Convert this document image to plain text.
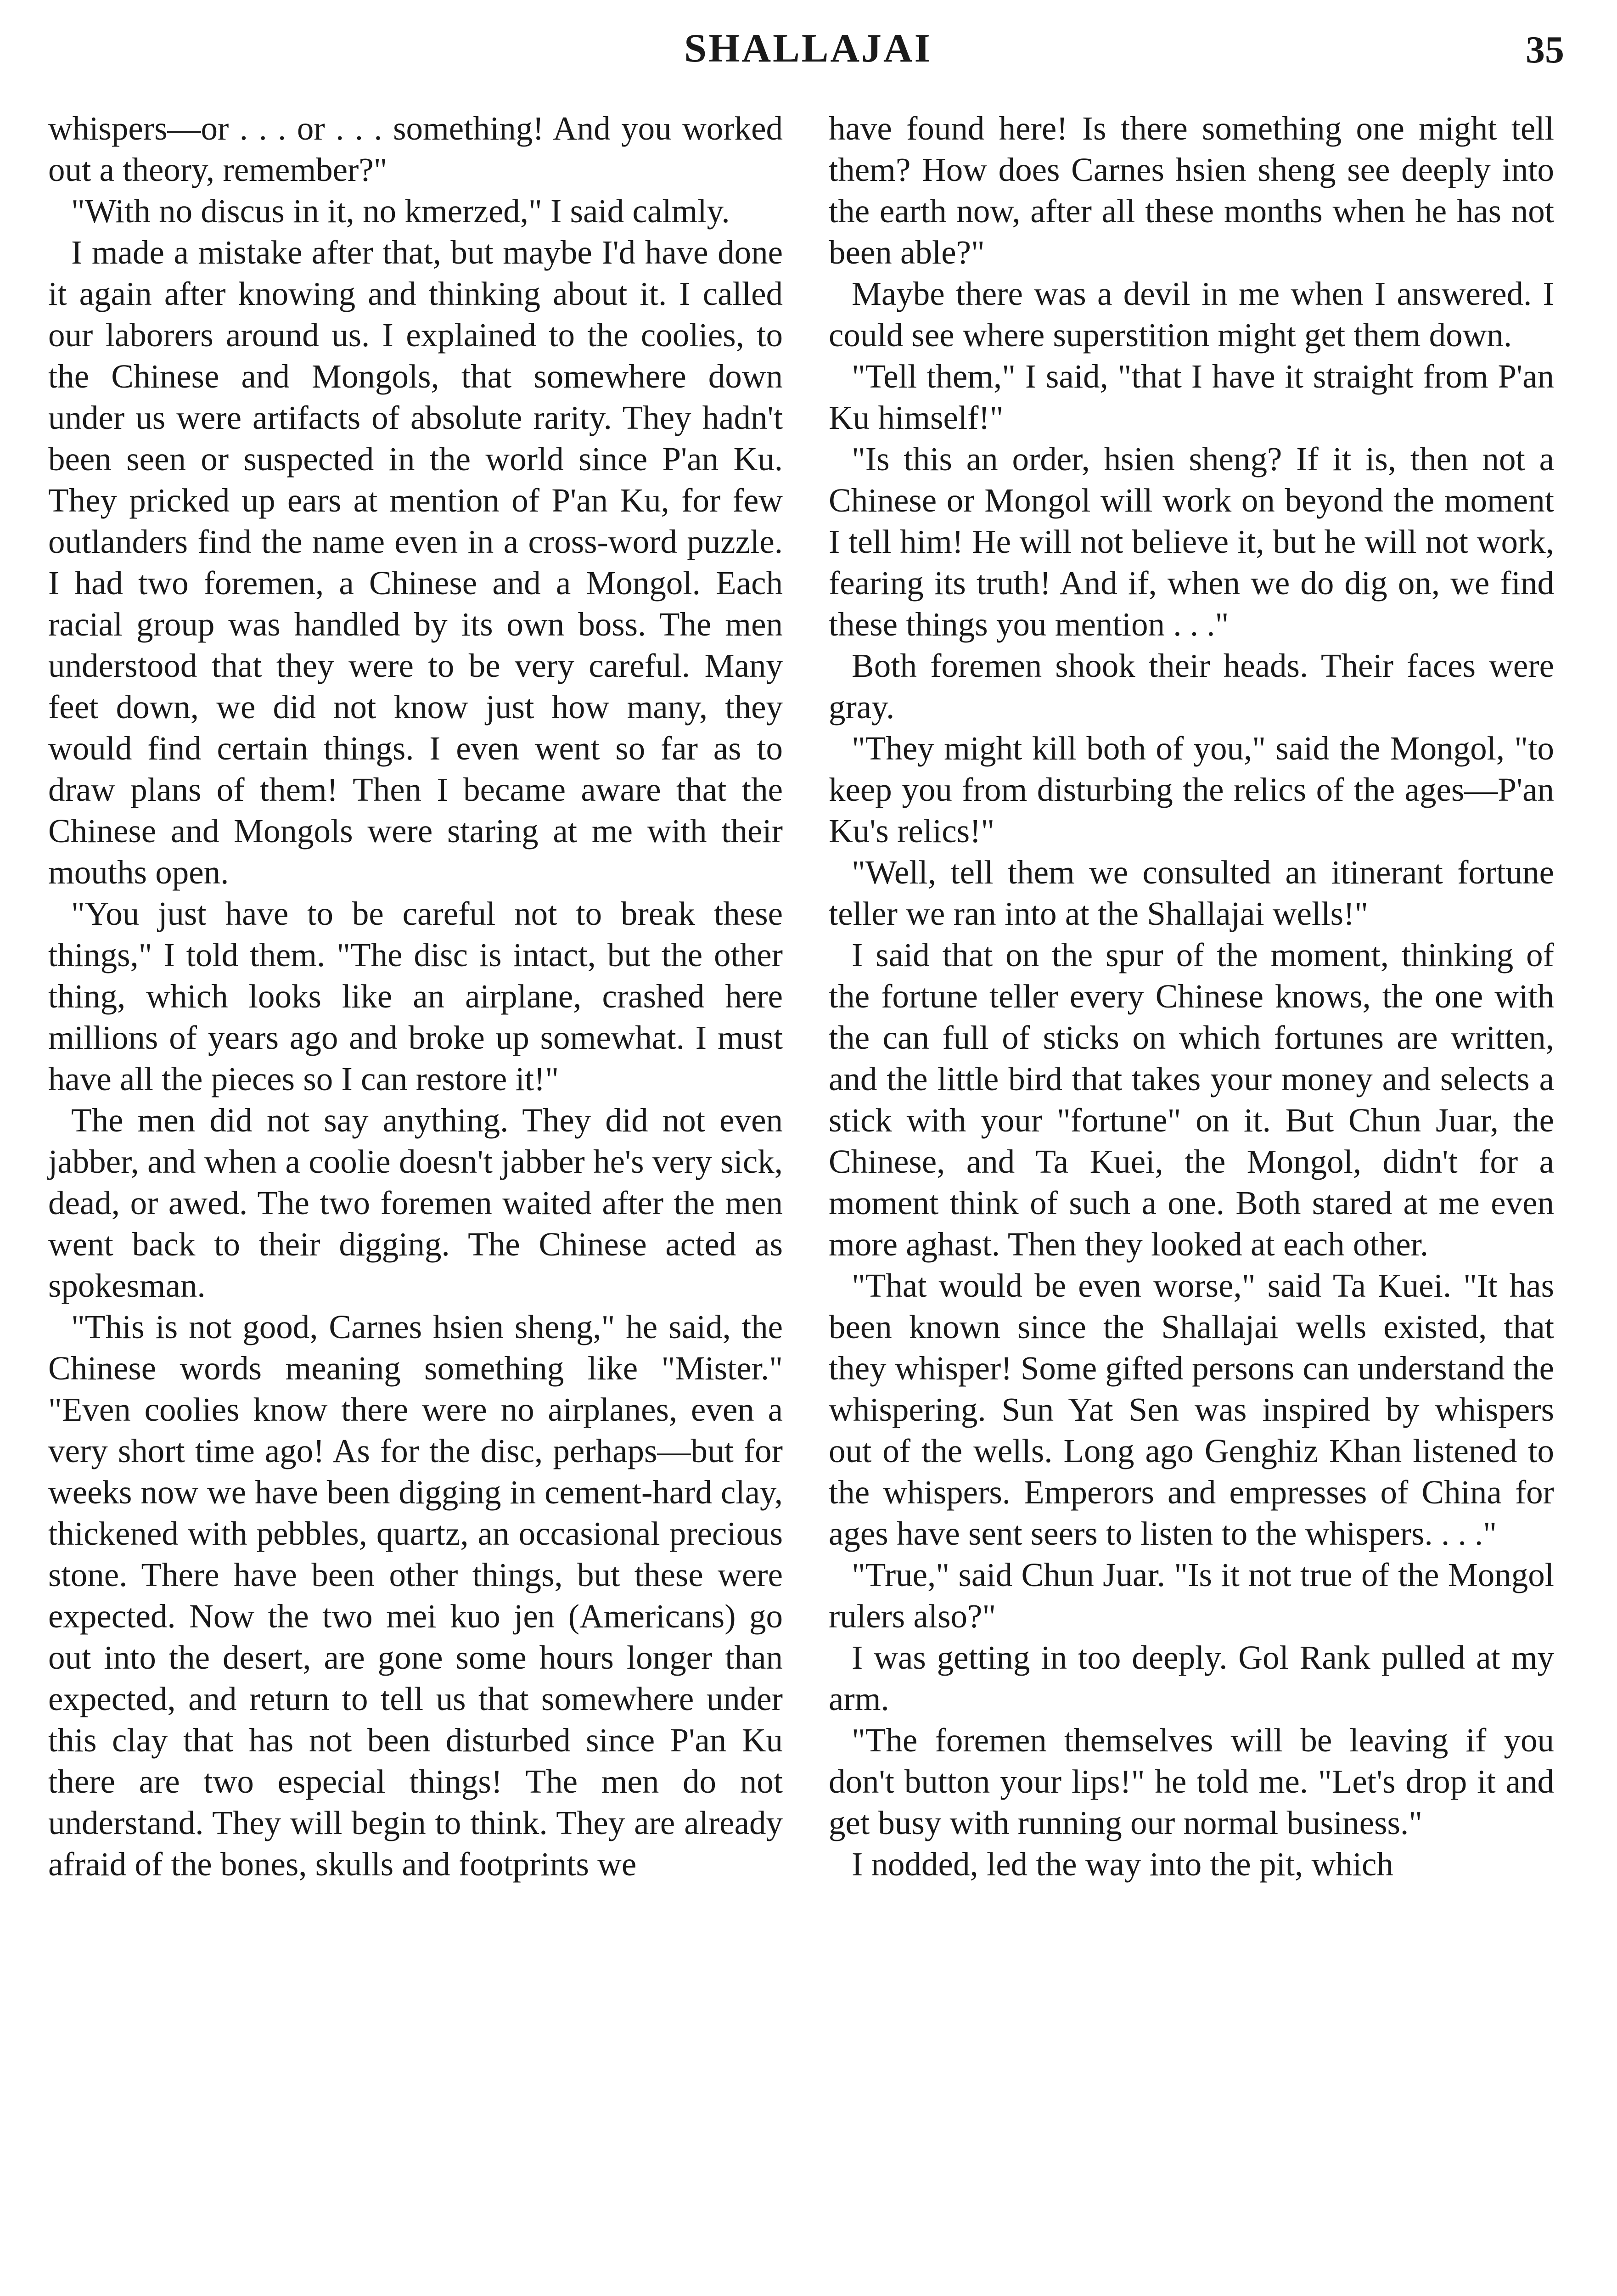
SHALLAJAI	35

whispers—or . . . or . . . something! And you worked out a theory, remember?"

"With no discus in it, no kmerzed," I said calmly.

I made a mistake after that, but maybe I'd have done it again after knowing and thinking about it. I called our laborers around us. I explained to the coolies, to the Chinese and Mongols, that somewhere down under us were artifacts of absolute rarity. They hadn't been seen or suspected in the world since P'an Ku. They pricked up ears at mention of P'an Ku, for few outlanders find the name even in a cross-word puzzle. I had two foremen, a Chinese and a Mongol. Each racial group was handled by its own boss. The men understood that they were to be very careful. Many feet down, we did not know just how many, they would find certain things. I even went so far as to draw plans of them! Then I became aware that the Chinese and Mongols were staring at me with their mouths open.

"You just have to be careful not to break these things," I told them. "The disc is intact, but the other thing, which looks like an airplane, crashed here millions of years ago and broke up somewhat. I must have all the pieces so I can restore it!"

The men did not say anything. They did not even jabber, and when a coolie doesn't jabber he's very sick, dead, or awed. The two foremen waited after the men went back to their digging. The Chinese acted as spokesman.

"This is not good, Carnes hsien sheng," he said, the Chinese words meaning something like "Mister." "Even coolies know there were no airplanes, even a very short time ago! As for the disc, perhaps—but for weeks now we have been digging in cement-hard clay, thickened with pebbles, quartz, an occasional precious stone. There have been other things, but these were expected. Now the two mei kuo jen (Americans) go out into the desert, are gone some hours longer than expected, and return to tell us that somewhere under this clay that has not been disturbed since P'an Ku there are two especial things! The men do not understand. They will begin to think. They are already afraid of the bones, skulls and footprints we

have found here! Is there something one might tell them? How does Carnes hsien sheng see deeply into the earth now, after all these months when he has not been able?"

Maybe there was a devil in me when I answered. I could see where superstition might get them down.

"Tell them," I said, "that I have it straight from P'an Ku himself!"

"Is this an order, hsien sheng? If it is, then not a Chinese or Mongol will work on beyond the moment I tell him! He will not believe it, but he will not work, fearing its truth! And if, when we do dig on, we find these things you mention . . ."

Both foremen shook their heads. Their faces were gray.

"They might kill both of you," said the Mongol, "to keep you from disturbing the relics of the ages—P'an Ku's relics!"

"Well, tell them we consulted an itinerant fortune teller we ran into at the Shallajai wells!"

I said that on the spur of the moment, thinking of the fortune teller every Chinese knows, the one with the can full of sticks on which fortunes are written, and the little bird that takes your money and selects a stick with your "fortune" on it. But Chun Juar, the Chinese, and Ta Kuei, the Mongol, didn't for a moment think of such a one. Both stared at me even more aghast. Then they looked at each other.

"That would be even worse," said Ta Kuei. "It has been known since the Shallajai wells existed, that they whisper! Some gifted persons can understand the whispering. Sun Yat Sen was inspired by whispers out of the wells. Long ago Genghiz Khan listened to the whispers. Emperors and empresses of China for ages have sent seers to listen to the whispers. . . ."

"True," said Chun Juar. "Is it not true of the Mongol rulers also?"

I was getting in too deeply. Gol Rank pulled at my arm.

"The foremen themselves will be leaving if you don't button your lips!" he told me. "Let's drop it and get busy with running our normal business."

I nodded, led the way into the pit, which
